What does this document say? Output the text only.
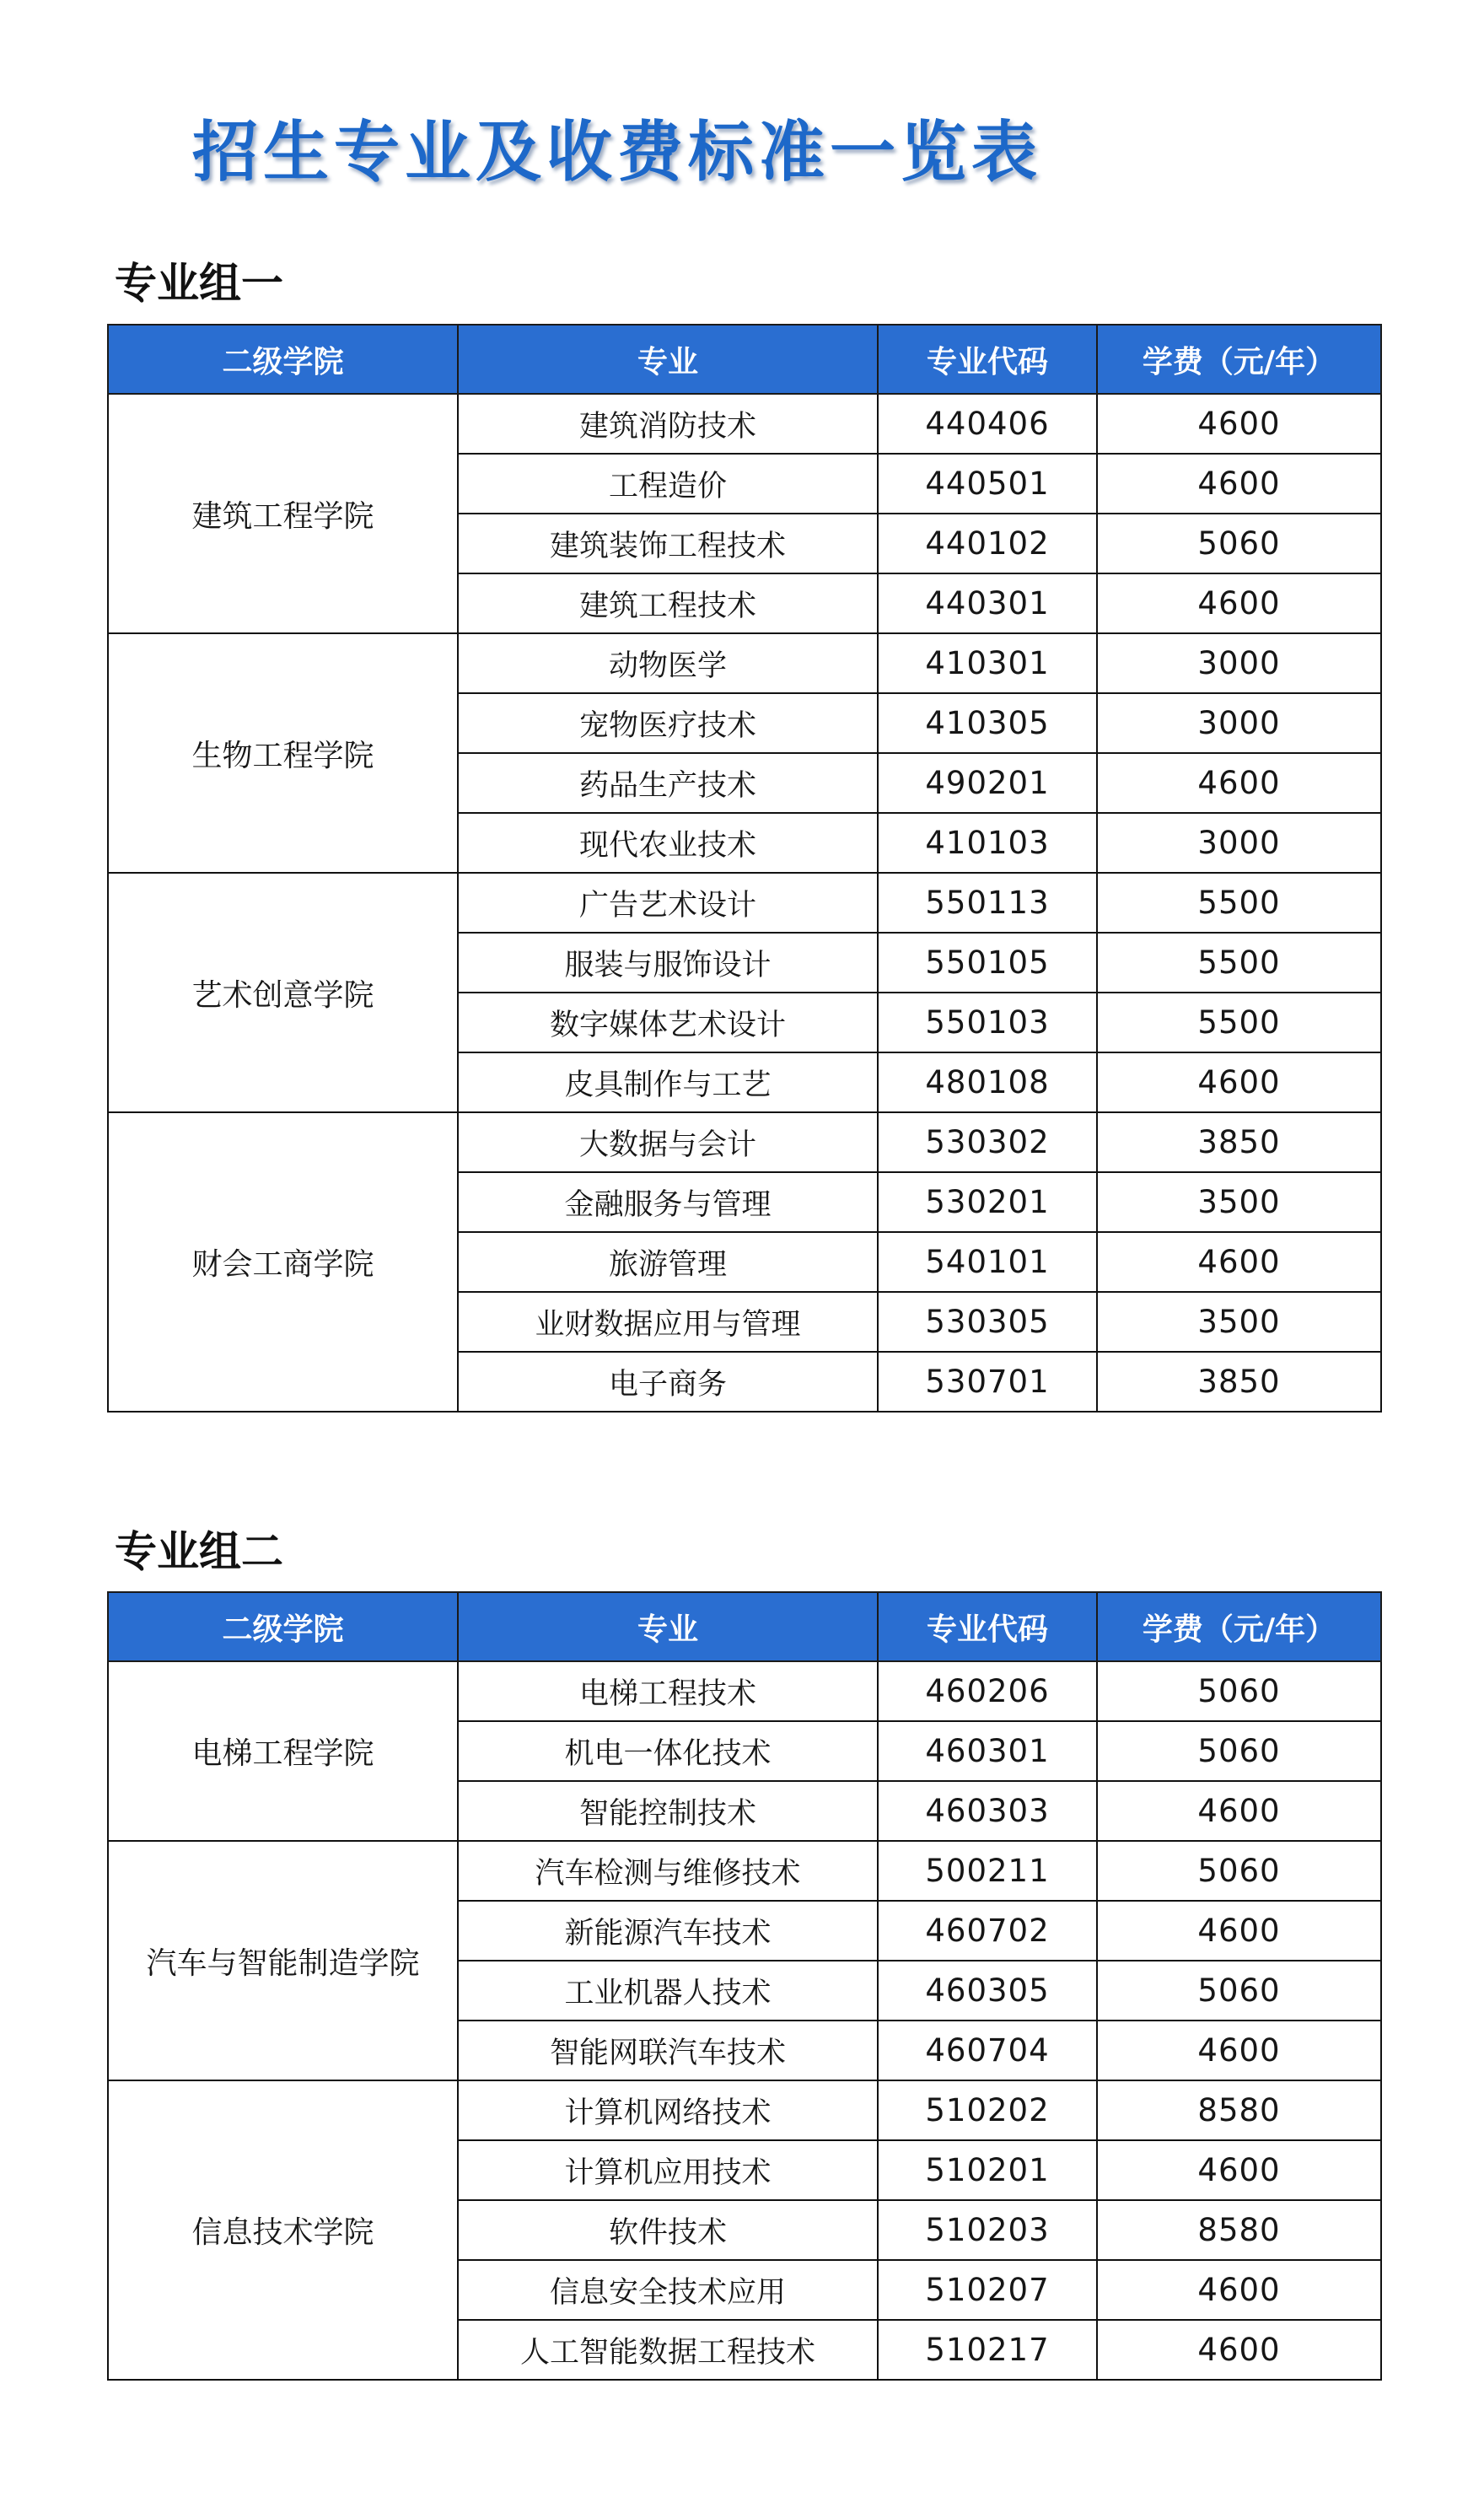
招生专业及收费标准一览表
专业组一
二级学院	专业	专业代码	学费（元/年）
建筑工程学院	建筑消防技术	440406	4600
	工程造价	440501	4600
	建筑装饰工程技术	440102	5060
	建筑工程技术	440301	4600
生物工程学院	动物医学	410301	3000
	宠物医疗技术	410305	3000
	药品生产技术	490201	4600
	现代农业技术	410103	3000
艺术创意学院	广告艺术设计	550113	5500
	服装与服饰设计	550105	5500
	数字媒体艺术设计	550103	5500
	皮具制作与工艺	480108	4600
财会工商学院	大数据与会计	530302	3850
	金融服务与管理	530201	3500
	旅游管理	540101	4600
	业财数据应用与管理	530305	3500
	电子商务	530701	3850
专业组二
二级学院	专业	专业代码	学费（元/年）
电梯工程学院	电梯工程技术	460206	5060
	机电一体化技术	460301	5060
	智能控制技术	460303	4600
汽车与智能制造学院	汽车检测与维修技术	500211	5060
	新能源汽车技术	460702	4600
	工业机器人技术	460305	5060
	智能网联汽车技术	460704	4600
信息技术学院	计算机网络技术	510202	8580
	计算机应用技术	510201	4600
	软件技术	510203	8580
	信息安全技术应用	510207	4600
	人工智能数据工程技术	510217	4600
